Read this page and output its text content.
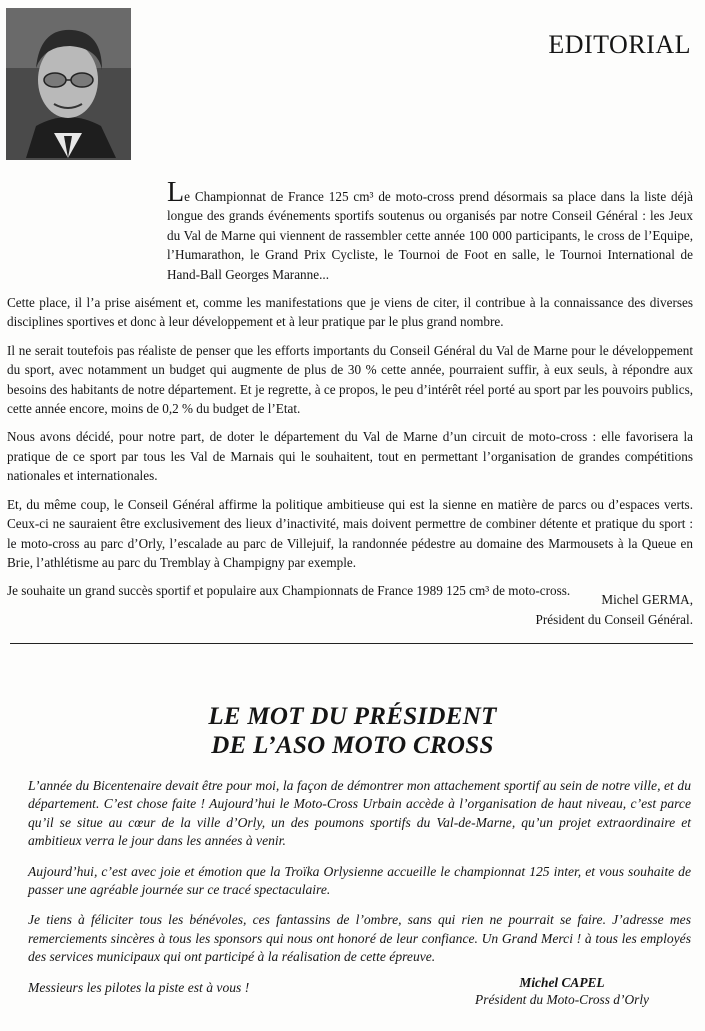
EDITORIAL

Le Championnat de France 125 cm³ de moto-cross prend désormais sa place dans la liste déjà longue des grands événements sportifs soutenus ou organisés par notre Conseil Général : les Jeux du Val de Marne qui viennent de rassembler cette année 100 000 participants, le cross de l’Equipe, l’Humarathon, le Grand Prix Cycliste, le Tournoi de Foot en salle, le Tournoi International de Hand-Ball Georges Maranne...

Cette place, il l’a prise aisément et, comme les manifestations que je viens de citer, il contribue à la connaissance des diverses disciplines sportives et donc à leur développement et à leur pratique par le plus grand nombre.

Il ne serait toutefois pas réaliste de penser que les efforts importants du Conseil Général du Val de Marne pour le développement du sport, avec notamment un budget qui augmente de plus de 30 % cette année, pourraient suffir, à eux seuls, à répondre aux besoins des habitants de notre département. Et je regrette, à ce propos, le peu d’intérêt réel porté au sport par les pouvoirs publics, cette année encore, moins de 0,2 % du budget de l’Etat.

Nous avons décidé, pour notre part, de doter le département du Val de Marne d’un circuit de moto-cross : elle favorisera la pratique de ce sport par tous les Val de Marnais qui le souhaitent, tout en permettant l’organisation de grandes compétitions nationales et internationales.

Et, du même coup, le Conseil Général affirme la politique ambitieuse qui est la sienne en matière de parcs ou d’espaces verts. Ceux-ci ne sauraient être exclusivement des lieux d’inactivité, mais doivent permettre de combiner détente et pratique du sport : le moto-cross au parc d’Orly, l’escalade au parc de Villejuif, la randonnée pédestre au domaine des Marmousets à la Queue en Brie, l’athlétisme au parc du Tremblay à Champigny par exemple.

Je souhaite un grand succès sportif et populaire aux Championnats de France 1989 125 cm³ de moto-cross.

Michel GERMA,
Président du Conseil Général.
LE MOT DU PRÉSIDENT
DE L’ASO MOTO CROSS

L’année du Bicentenaire devait être pour moi, la façon de démontrer mon attachement sportif au sein de notre ville, et du département. C’est chose faite ! Aujourd’hui le Moto-Cross Urbain accède à l’organisation de haut niveau, c’est parce qu’il se situe au cœur de la ville d’Orly, un des poumons sportifs du Val-de-Marne, qu’un projet extraordinaire et ambitieux verra le jour dans les années à venir.

Aujourd’hui, c’est avec joie et émotion que la Troïka Orlysienne accueille le championnat 125 inter, et vous souhaite de passer une agréable journée sur ce tracé spectaculaire.

Je tiens à féliciter tous les bénévoles, ces fantassins de l’ombre, sans qui rien ne pourrait se faire. J’adresse mes remerciements sincères à tous les sponsors qui nous ont honoré de leur confiance. Un Grand Merci ! à tous les employés des services municipaux qui ont participé à la réalisation de cette épreuve.

Messieurs les pilotes la piste est à vous !	Michel CAPEL
Président du Moto-Cross d’Orly
